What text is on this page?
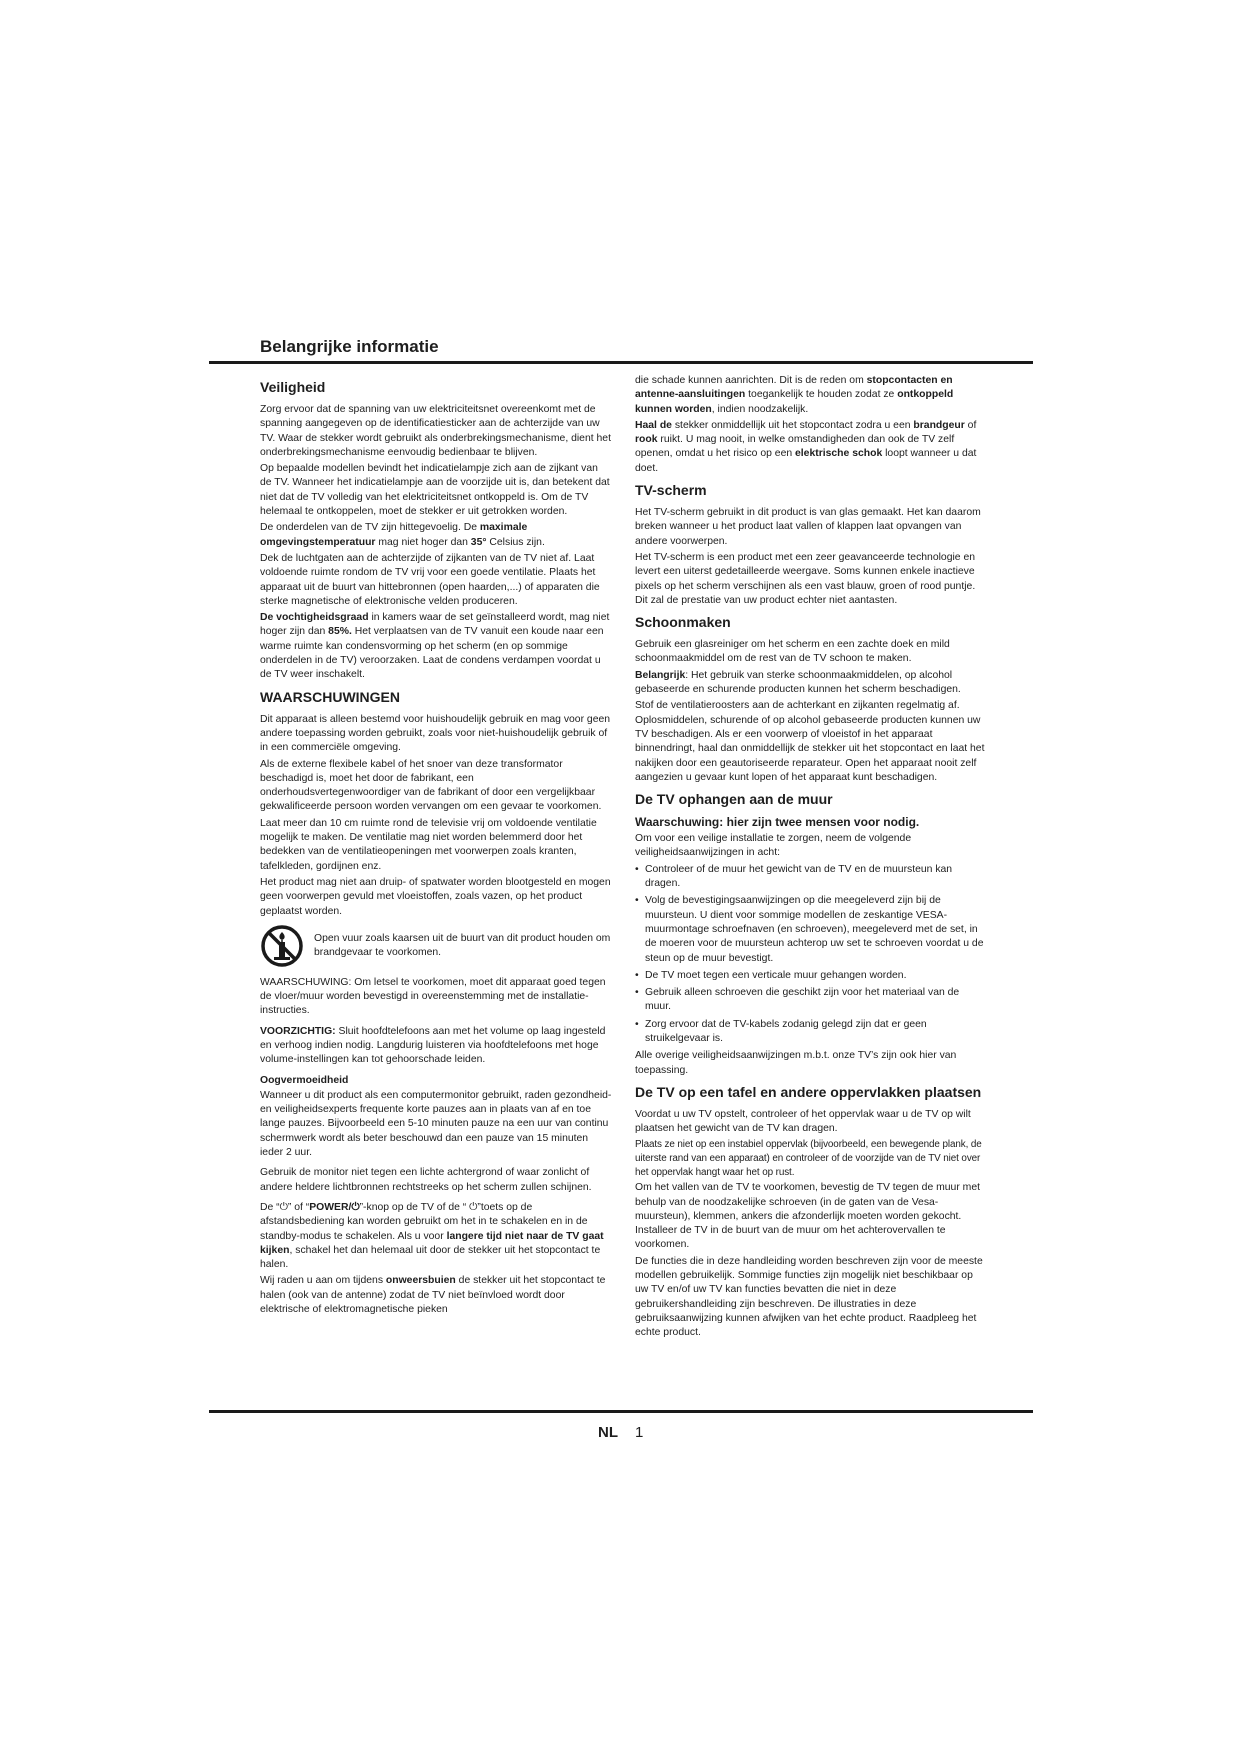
Belangrijke informatie
Veiligheid

Zorg ervoor dat de spanning van uw elektriciteitsnet overeenkomt met de spanning aangegeven op de identificatiesticker aan de achterzijde van uw TV. Waar de stekker wordt gebruikt als onderbrekingsmechanisme, dient het onderbrekingsmechanisme eenvoudig bedienbaar te blijven.

Op bepaalde modellen bevindt het indicatielampje zich aan de zijkant van de TV. Wanneer het indicatielampje aan de voorzijde uit is, dan betekent dat niet dat de TV volledig van het elektriciteitsnet ontkoppeld is. Om de TV helemaal te ontkoppelen, moet de stekker er uit getrokken worden.

De onderdelen van de TV zijn hittegevoelig. De maximale omgevingstemperatuur mag niet hoger dan 35° Celsius zijn.

Dek de luchtgaten aan de achterzijde of zijkanten van de TV niet af. Laat voldoende ruimte rondom de TV vrij voor een goede ventilatie. Plaats het apparaat uit de buurt van hittebronnen (open haarden,...) of apparaten die sterke magnetische of elektronische velden produceren.

De vochtigheidsgraad in kamers waar de set geïnstalleerd wordt, mag niet hoger zijn dan 85%. Het verplaatsen van de TV vanuit een koude naar een warme ruimte kan condensvorming op het scherm (en op sommige onderdelen in de TV) veroorzaken. Laat de condens verdampen voordat u de TV weer inschakelt.

WAARSCHUWINGEN

Dit apparaat is alleen bestemd voor huishoudelijk gebruik en mag voor geen andere toepassing worden gebruikt, zoals voor niet-huishoudelijk gebruik of in een commerciële omgeving.

Als de externe flexibele kabel of het snoer van deze transformator beschadigd is, moet het door de fabrikant, een onderhoudsvertegenwoordiger van de fabrikant of door een vergelijkbaar gekwalificeerde persoon worden vervangen om een gevaar te voorkomen.

Laat meer dan 10 cm ruimte rond de televisie vrij om voldoende ventilatie mogelijk te maken. De ventilatie mag niet worden belemmerd door het bedekken van de ventilatieopeningen met voorwerpen zoals kranten, tafelkleden, gordijnen enz.

Het product mag niet aan druip- of spatwater worden blootgesteld en mogen geen voorwerpen gevuld met vloeistoffen, zoals vazen, op het product geplaatst worden.

Open vuur zoals kaarsen uit de buurt van dit product houden om brandgevaar te voorkomen.

WAARSCHUWING: Om letsel te voorkomen, moet dit apparaat goed tegen de vloer/muur worden bevestigd in overeenstemming met de installatie-instructies.

VOORZICHTIG: Sluit hoofdtelefoons aan met het volume op laag ingesteld en verhoog indien nodig. Langdurig luisteren via hoofdtelefoons met hoge volume-instellingen kan tot gehoorschade leiden.

Oogvermoeidheid

Wanneer u dit product als een computermonitor gebruikt, raden gezondheid- en veiligheidsexperts frequente korte pauzes aan in plaats van af en toe lange pauzes. Bijvoorbeeld een 5-10 minuten pauze na een uur van continu schermwerk wordt als beter beschouwd dan een pauze van 15 minuten ieder 2 uur.

Gebruik de monitor niet tegen een lichte achtergrond of waar zonlicht of andere heldere lichtbronnen rechtstreeks op het scherm zullen schijnen.

De “⏻” of “POWER/⏻”-knop op de TV of de “ ⏻”toets op de afstandsbediening kan worden gebruikt om het in te schakelen en in de standby-modus te schakelen. Als u voor langere tijd niet naar de TV gaat kijken, schakel het dan helemaal uit door de stekker uit het stopcontact te halen.

Wij raden u aan om tijdens onweersbuien de stekker uit het stopcontact te halen (ook van de antenne) zodat de TV niet beïnvloed wordt door elektrische of elektromagnetische pieken

die schade kunnen aanrichten. Dit is de reden om stopcontacten en antenne-aansluitingen toegankelijk te houden zodat ze ontkoppeld kunnen worden, indien noodzakelijk.

Haal de stekker onmiddellijk uit het stopcontact zodra u een brandgeur of rook ruikt. U mag nooit, in welke omstandigheden dan ook de TV zelf openen, omdat u het risico op een elektrische schok loopt wanneer u dat doet.

TV-scherm

Het TV-scherm gebruikt in dit product is van glas gemaakt. Het kan daarom breken wanneer u het product laat vallen of klappen laat opvangen van andere voorwerpen.

Het TV-scherm is een product met een zeer geavanceerde technologie en levert een uiterst gedetailleerde weergave. Soms kunnen enkele inactieve pixels op het scherm verschijnen als een vast blauw, groen of rood puntje. Dit zal de prestatie van uw product echter niet aantasten.

Schoonmaken

Gebruik een glasreiniger om het scherm en een zachte doek en mild schoonmaakmiddel om de rest van de TV schoon te maken.

Belangrijk: Het gebruik van sterke schoonmaakmiddelen, op alcohol gebaseerde en schurende producten kunnen het scherm beschadigen.

Stof de ventilatieroosters aan de achterkant en zijkanten regelmatig af. Oplosmiddelen, schurende of op alcohol gebaseerde producten kunnen uw TV beschadigen. Als er een voorwerp of vloeistof in het apparaat binnendringt, haal dan onmiddellijk de stekker uit het stopcontact en laat het nakijken door een geautoriseerde reparateur. Open het apparaat nooit zelf aangezien u gevaar kunt lopen of het apparaat kunt beschadigen.

De TV ophangen aan de muur
Waarschuwing: hier zijn twee mensen voor nodig.

Om voor een veilige installatie te zorgen, neem de volgende veiligheidsaanwijzingen in acht:

• Controleer of de muur het gewicht van de TV en de muursteun kan dragen.
• Volg de bevestigingsaanwijzingen op die meegeleverd zijn bij de muursteun. U dient voor sommige modellen de zeskantige VESA-muurmontage schroefnaven (en schroeven), meegeleverd met de set, in de moeren voor de muursteun achterop uw set te schroeven voordat u de steun op de muur bevestigt.
• De TV moet tegen een verticale muur gehangen worden.
• Gebruik alleen schroeven die geschikt zijn voor het materiaal van de muur.
• Zorg ervoor dat de TV-kabels zodanig gelegd zijn dat er geen struikelgevaar is.

Alle overige veiligheidsaanwijzingen m.b.t. onze TV’s zijn ook hier van toepassing.

De TV op een tafel en andere oppervlakken plaatsen

Voordat u uw TV opstelt, controleer of het oppervlak waar u de TV op wilt plaatsen het gewicht van de TV kan dragen.

Plaats ze niet op een instabiel oppervlak (bijvoorbeeld, een bewegende plank, de uiterste rand van een apparaat) en controleer of de voorzijde van de TV niet over het oppervlak hangt waar het op rust.

Om het vallen van de TV te voorkomen, bevestig de TV tegen de muur met behulp van de noodzakelijke schroeven (in de gaten van de Vesa-muursteun), klemmen, ankers die afzonderlijk moeten worden gekocht. Installeer de TV in de buurt van de muur om het achterovervallen te voorkomen.

De functies die in deze handleiding worden beschreven zijn voor de meeste modellen gebruikelijk. Sommige functies zijn mogelijk niet beschikbaar op uw TV en/of uw TV kan functies bevatten die niet in deze gebruikershandleiding zijn beschreven. De illustraties in deze gebruiksaanwijzing kunnen afwijken van het echte product. Raadpleeg het echte product.

NL 1
